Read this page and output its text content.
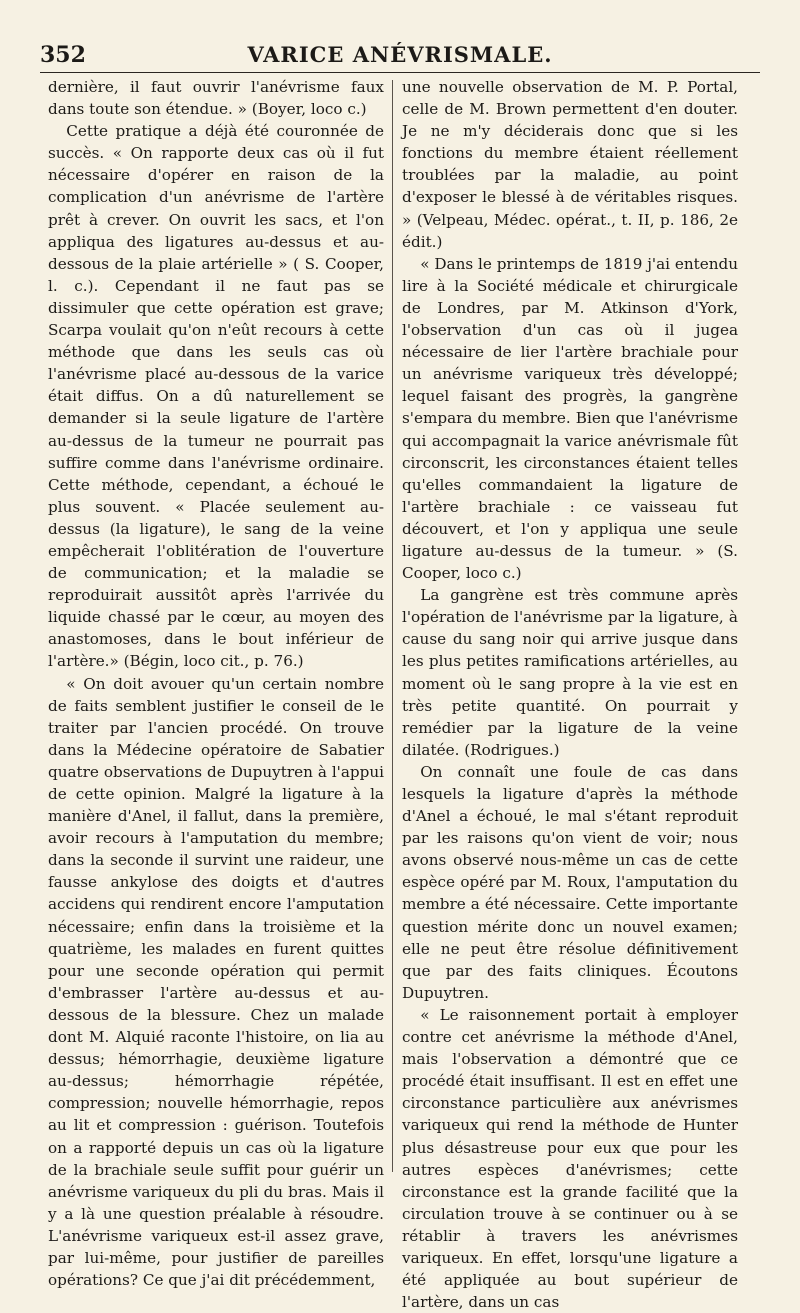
352	VARICE ANÉVRISMALE.

dernière, il faut ouvrir l'anévrisme faux dans toute son étendue. » (Boyer, loco c.)

Cette pratique a déjà été couronnée de succès. « On rapporte deux cas où il fut nécessaire d'opérer en raison de la complication d'un anévrisme de l'artère prêt à crever. On ouvrit les sacs, et l'on appliqua des ligatures au-dessus et au-dessous de la plaie artérielle » ( S. Cooper, l. c.). Cependant il ne faut pas se dissimuler que cette opération est grave; Scarpa voulait qu'on n'eût recours à cette méthode que dans les seuls cas où l'anévrisme placé au-dessous de la varice était diffus. On a dû naturellement se demander si la seule ligature de l'artère au-dessus de la tumeur ne pourrait pas suffire comme dans l'anévrisme ordinaire. Cette méthode, cependant, a échoué le plus souvent. « Placée seulement au-dessus (la ligature), le sang de la veine empêcherait l'oblitération de l'ouverture de communication; et la maladie se reproduirait aussitôt après l'arrivée du liquide chassé par le cœur, au moyen des anastomoses, dans le bout inférieur de l'artère.» (Bégin, loco cit., p. 76.)

« On doit avouer qu'un certain nombre de faits semblent justifier le conseil de le traiter par l'ancien procédé. On trouve dans la Médecine opératoire de Sabatier quatre observations de Dupuytren à l'appui de cette opinion. Malgré la ligature à la manière d'Anel, il fallut, dans la première, avoir recours à l'amputation du membre; dans la seconde il survint une raideur, une fausse ankylose des doigts et d'autres accidens qui rendirent encore l'amputation nécessaire; enfin dans la troisième et la quatrième, les malades en furent quittes pour une seconde opération qui permit d'embrasser l'artère au-dessus et au-dessous de la blessure. Chez un malade dont M. Alquié raconte l'histoire, on lia au dessus; hémorrhagie, deuxième ligature au-dessus; hémorrhagie répétée, compression; nouvelle hémorrhagie, repos au lit et compression : guérison. Toutefois on a rapporté depuis un cas où la ligature de la brachiale seule suffit pour guérir un anévrisme variqueux du pli du bras. Mais il y a là une question préalable à résoudre. L'anévrisme variqueux est-il assez grave, par lui-même, pour justifier de pareilles opérations? Ce que j'ai dit précédemment,

une nouvelle observation de M. P. Portal, celle de M. Brown permettent d'en douter. Je ne m'y déciderais donc que si les fonctions du membre étaient réellement troublées par la maladie, au point d'exposer le blessé à de véritables risques. » (Velpeau, Médec. opérat., t. II, p. 186, 2e édit.)

« Dans le printemps de 1819 j'ai entendu lire à la Société médicale et chirurgicale de Londres, par M. Atkinson d'York, l'observation d'un cas où il jugea nécessaire de lier l'artère brachiale pour un anévrisme variqueux très développé; lequel faisant des progrès, la gangrène s'empara du membre. Bien que l'anévrisme qui accompagnait la varice anévrismale fût circonscrit, les circonstances étaient telles qu'elles commandaient la ligature de l'artère brachiale : ce vaisseau fut découvert, et l'on y appliqua une seule ligature au-dessus de la tumeur. » (S. Cooper, loco c.)

La gangrène est très commune après l'opération de l'anévrisme par la ligature, à cause du sang noir qui arrive jusque dans les plus petites ramifications artérielles, au moment où le sang propre à la vie est en très petite quantité. On pourrait y remédier par la ligature de la veine dilatée. (Rodrigues.)

On connaît une foule de cas dans lesquels la ligature d'après la méthode d'Anel a échoué, le mal s'étant reproduit par les raisons qu'on vient de voir; nous avons observé nous-même un cas de cette espèce opéré par M. Roux, l'amputation du membre a été nécessaire. Cette importante question mérite donc un nouvel examen; elle ne peut être résolue définitivement que par des faits cliniques. Écoutons Dupuytren.

« Le raisonnement portait à employer contre cet anévrisme la méthode d'Anel, mais l'observation a démontré que ce procédé était insuffisant. Il est en effet une circonstance particulière aux anévrismes variqueux qui rend la méthode de Hunter plus désastreuse pour eux que pour les autres espèces d'anévrismes; cette circonstance est la grande facilité que la circulation trouve à se continuer ou à se rétablir à travers les anévrismes variqueux. En effet, lorsqu'une ligature a été appliquée au bout supérieur de l'artère, dans un cas
